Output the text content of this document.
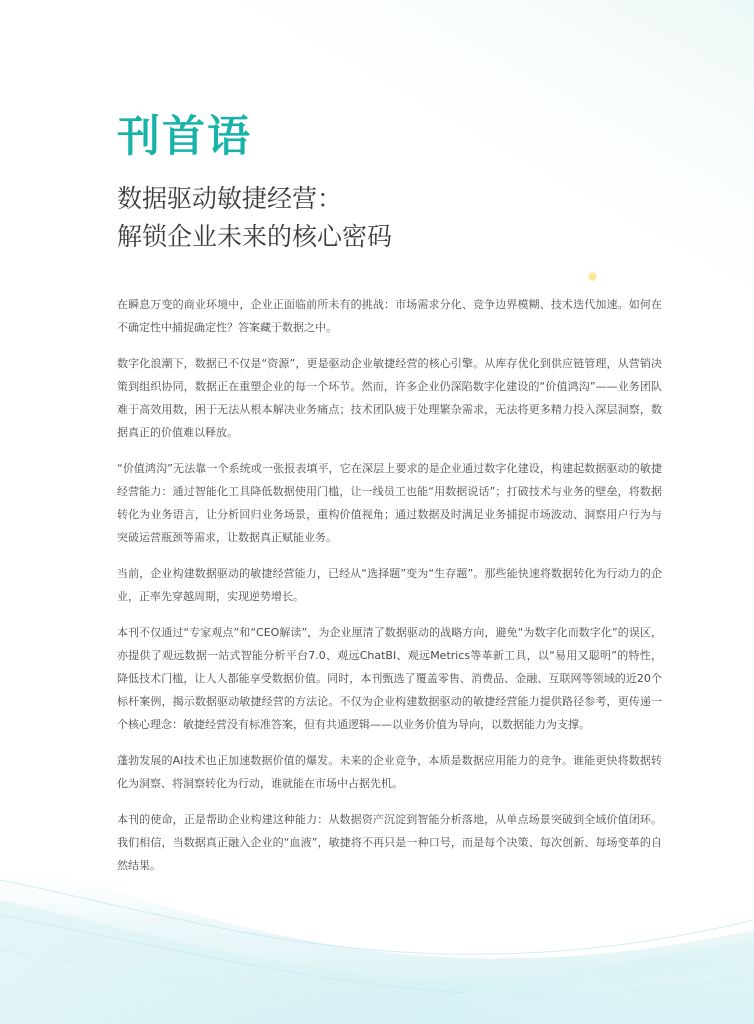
刊首语
数据驱动敏捷经营：
解锁企业未来的核心密码

在瞬息万变的商业环境中，企业正面临前所未有的挑战：市场需求分化、竞争边界模糊、技术迭代加速。如何在不确定性中捕捉确定性？答案藏于数据之中。

数字化浪潮下，数据已不仅是“资源”，更是驱动企业敏捷经营的核心引擎。从库存优化到供应链管理，从营销决策到组织协同，数据正在重塑企业的每一个环节。然而，许多企业仍深陷数字化建设的“价值鸿沟”——业务团队难于高效用数，困于无法从根本解决业务痛点；技术团队疲于处理繁杂需求，无法将更多精力投入深层洞察，数据真正的价值难以释放。

“价值鸿沟”无法靠一个系统或一张报表填平，它在深层上要求的是企业通过数字化建设，构建起数据驱动的敏捷经营能力：通过智能化工具降低数据使用门槛，让一线员工也能“用数据说话”；打破技术与业务的壁垒，将数据转化为业务语言，让分析回归业务场景，重构价值视角；通过数据及时满足业务捕捉市场波动、洞察用户行为与突破运营瓶颈等需求，让数据真正赋能业务。

当前，企业构建数据驱动的敏捷经营能力，已经从“选择题”变为“生存题”。那些能快速将数据转化为行动力的企业，正率先穿越周期，实现逆势增长。

本刊不仅通过“专家观点”和“CEO解读”，为企业厘清了数据驱动的战略方向，避免“为数字化而数字化”的误区，亦提供了观远数据一站式智能分析平台7.0、观远ChatBI、观远Metrics等革新工具，以“易用又聪明”的特性，降低技术门槛，让人人都能享受数据价值。同时，本刊甄选了覆盖零售、消费品、金融、互联网等领域的近20个标杆案例，揭示数据驱动敏捷经营的方法论。不仅为企业构建数据驱动的敏捷经营能力提供路径参考，更传递一个核心理念：敏捷经营没有标准答案，但有共通逻辑——以业务价值为导向，以数据能力为支撑。

蓬勃发展的AI技术也正加速数据价值的爆发。未来的企业竞争，本质是数据应用能力的竞争。谁能更快将数据转化为洞察、将洞察转化为行动，谁就能在市场中占据先机。

本刊的使命，正是帮助企业构建这种能力：从数据资产沉淀到智能分析落地，从单点场景突破到全域价值闭环。我们相信，当数据真正融入企业的“血液”，敏捷将不再只是一种口号，而是每个决策、每次创新、每场变革的自然结果。
